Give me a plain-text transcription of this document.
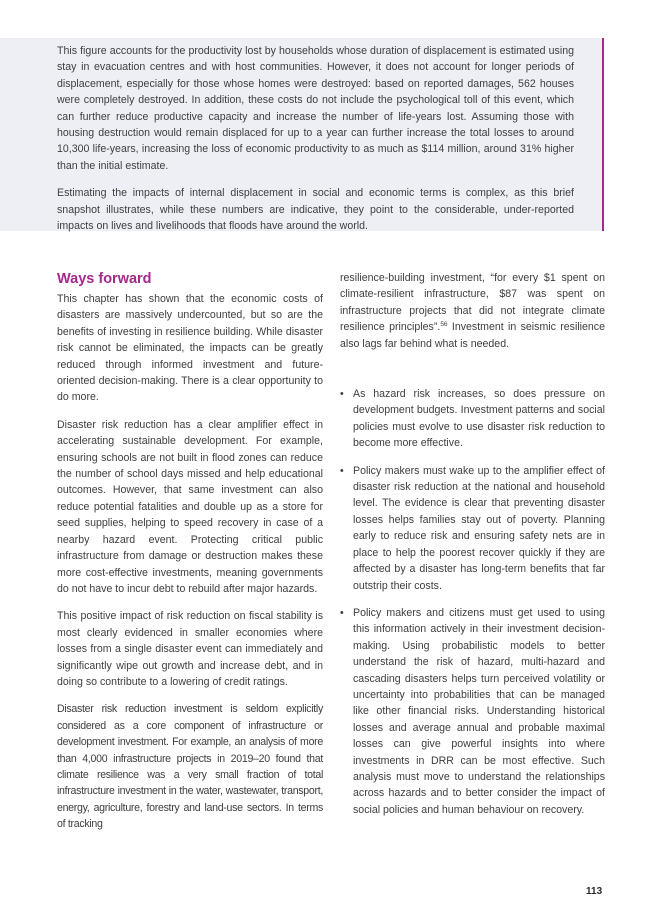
This figure accounts for the productivity lost by households whose duration of displacement is estimated using stay in evacuation centres and with host communities. However, it does not account for longer periods of displacement, especially for those whose homes were destroyed: based on reported damages, 562 houses were completely destroyed. In addition, these costs do not include the psychological toll of this event, which can further reduce productive capacity and increase the number of life-years lost. Assuming those with housing destruction would remain displaced for up to a year can further increase the total losses to around 10,300 life-years, increasing the loss of economic productivity to as much as $114 million, around 31% higher than the initial estimate.

Estimating the impacts of internal displacement in social and economic terms is complex, as this brief snapshot illustrates, while these numbers are indicative, they point to the considerable, under-reported impacts on lives and livelihoods that floods have around the world.

Ways forward

This chapter has shown that the economic costs of disasters are massively undercounted, but so are the benefits of investing in resilience building. While disaster risk cannot be eliminated, the impacts can be greatly reduced through informed investment and future-oriented decision-making. There is a clear opportunity to do more.

Disaster risk reduction has a clear amplifier effect in accelerating sustainable development. For example, ensuring schools are not built in flood zones can reduce the number of school days missed and help educational outcomes. However, that same investment can also reduce potential fatalities and double up as a store for seed supplies, helping to speed recovery in case of a nearby hazard event. Protecting critical public infrastructure from damage or destruction makes these more cost-effective investments, meaning governments do not have to incur debt to rebuild after major hazards.

This positive impact of risk reduction on fiscal stability is most clearly evidenced in smaller economies where losses from a single disaster event can immediately and significantly wipe out growth and increase debt, and in doing so contribute to a lowering of credit ratings.

Disaster risk reduction investment is seldom explicitly considered as a core component of infrastructure or development investment. For example, an analysis of more than 4,000 infrastructure projects in 2019–20 found that climate resilience was a very small fraction of total infrastructure investment in the water, wastewater, transport, energy, agriculture, forestry and land-use sectors. In terms of tracking

resilience-building investment, “for every $1 spent on climate-resilient infrastructure, $87 was spent on infrastructure projects that did not integrate climate resilience principles”.$^{56}$ Investment in seismic resilience also lags far behind what is needed.

• As hazard risk increases, so does pressure on development budgets. Investment patterns and social policies must evolve to use disaster risk reduction to become more effective.
• Policy makers must wake up to the amplifier effect of disaster risk reduction at the national and household level. The evidence is clear that preventing disaster losses helps families stay out of poverty. Planning early to reduce risk and ensuring safety nets are in place to help the poorest recover quickly if they are affected by a disaster has long-term benefits that far outstrip their costs.
• Policy makers and citizens must get used to using this information actively in their investment decision-making. Using probabilistic models to better understand the risk of hazard, multi-hazard and cascading disasters helps turn perceived volatility or uncertainty into probabilities that can be managed like other financial risks. Understanding historical losses and average annual and probable maximal losses can give powerful insights into where investments in DRR can be most effective. Such analysis must move to understand the relationships across hazards and to better consider the impact of social policies and human behaviour on recovery.
113
